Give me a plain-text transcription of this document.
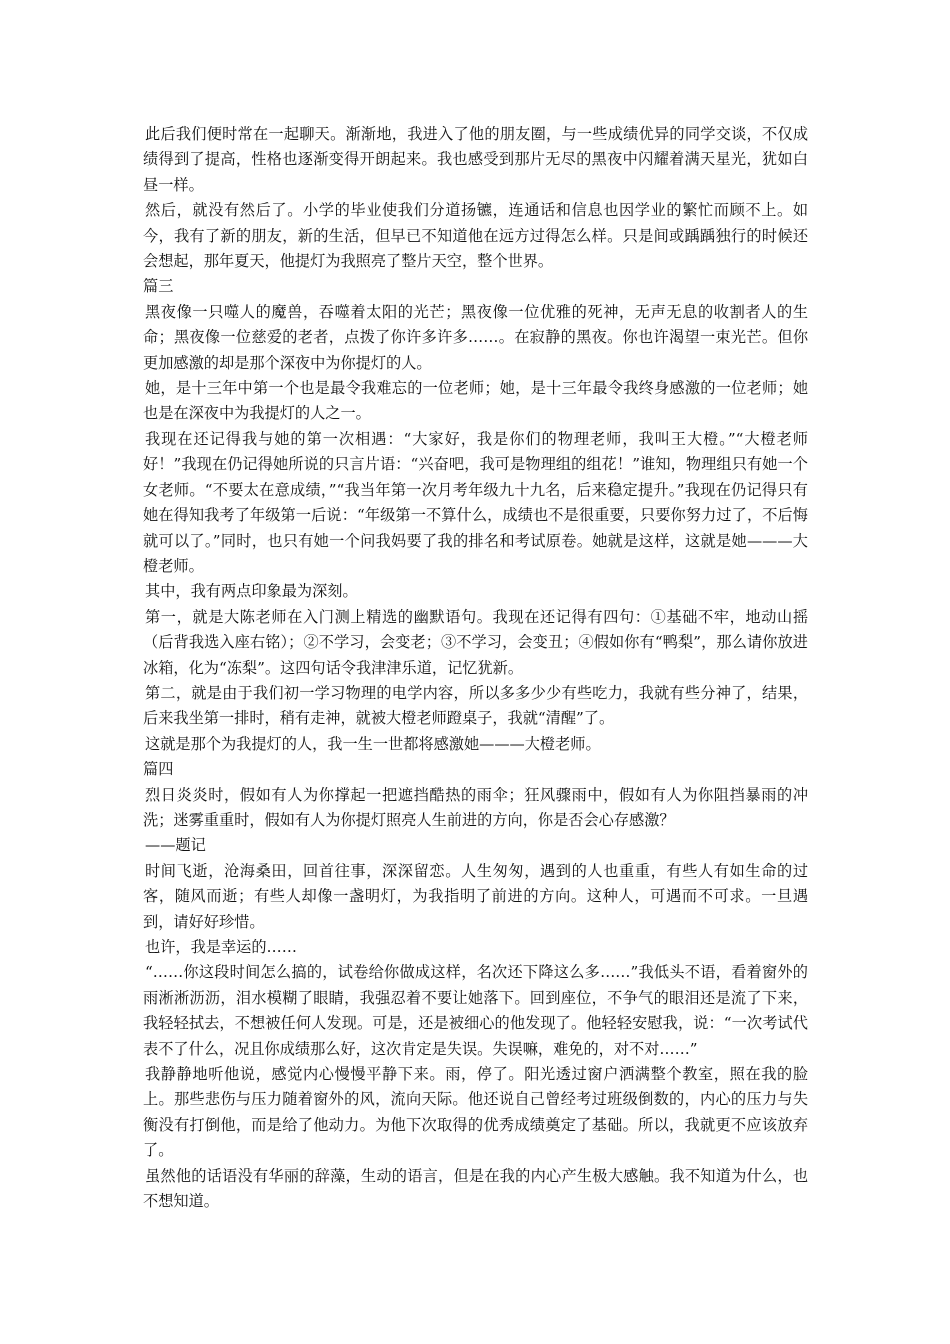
此后我们便时常在一起聊天。渐渐地，我进入了他的朋友圈，与一些成绩优异的同学交谈，不仅成绩得到了提高，性格也逐渐变得开朗起来。我也感受到那片无尽的黑夜中闪耀着满天星光，犹如白昼一样。

然后，就没有然后了。小学的毕业使我们分道扬镳，连通话和信息也因学业的繁忙而顾不上。如今，我有了新的朋友，新的生活，但早已不知道他在远方过得怎么样。只是间或踽踽独行的时候还会想起，那年夏天，他提灯为我照亮了整片天空，整个世界。

篇三

黑夜像一只噬人的魔兽，吞噬着太阳的光芒；黑夜像一位优雅的死神，无声无息的收割者人的生命；黑夜像一位慈爱的老者，点拨了你许多许多……。在寂静的黑夜。你也许渴望一束光芒。但你更加感激的却是那个深夜中为你提灯的人。

她，是十三年中第一个也是最令我难忘的一位老师；她，是十三年最令我终身感激的一位老师；她也是在深夜中为我提灯的人之一。

我现在还记得我与她的第一次相遇：“大家好，我是你们的物理老师，我叫王大橙。”“大橙老师好！”我现在仍记得她所说的只言片语：“兴奋吧，我可是物理组的组花！”谁知，物理组只有她一个女老师。“不要太在意成绩，”“我当年第一次月考年级九十九名，后来稳定提升。”我现在仍记得只有她在得知我考了年级第一后说：“年级第一不算什么，成绩也不是很重要，只要你努力过了，不后悔就可以了。”同时，也只有她一个问我妈要了我的排名和考试原卷。她就是这样，这就是她———大橙老师。

其中，我有两点印象最为深刻。

第一，就是大陈老师在入门测上精选的幽默语句。我现在还记得有四句：①基础不牢，地动山摇（后背我选入座右铭）；②不学习，会变老；③不学习，会变丑；④假如你有“鸭梨”，那么请你放进冰箱，化为“冻梨”。这四句话令我津津乐道，记忆犹新。

第二，就是由于我们初一学习物理的电学内容，所以多多少少有些吃力，我就有些分神了，结果，后来我坐第一排时，稍有走神，就被大橙老师蹬桌子，我就“清醒”了。

这就是那个为我提灯的人，我一生一世都将感激她———大橙老师。

篇四

烈日炎炎时，假如有人为你撑起一把遮挡酷热的雨伞；狂风骤雨中，假如有人为你阻挡暴雨的冲洗；迷雾重重时，假如有人为你提灯照亮人生前进的方向，你是否会心存感激？

——题记

时间飞逝，沧海桑田，回首往事，深深留恋。人生匆匆，遇到的人也重重，有些人有如生命的过客，随风而逝；有些人却像一盏明灯，为我指明了前进的方向。这种人，可遇而不可求。一旦遇到，请好好珍惜。

也许，我是幸运的……

“……你这段时间怎么搞的，试卷给你做成这样，名次还下降这么多……”我低头不语，看着窗外的雨淅淅沥沥，泪水模糊了眼睛，我强忍着不要让她落下。回到座位，不争气的眼泪还是流了下来，我轻轻拭去，不想被任何人发现。可是，还是被细心的他发现了。他轻轻安慰我，说：“一次考试代表不了什么，况且你成绩那么好，这次肯定是失误。失误嘛，难免的，对不对……”

我静静地听他说，感觉内心慢慢平静下来。雨，停了。阳光透过窗户洒满整个教室，照在我的脸上。那些悲伤与压力随着窗外的风，流向天际。他还说自己曾经考过班级倒数的，内心的压力与失衡没有打倒他，而是给了他动力。为他下次取得的优秀成绩奠定了基础。所以，我就更不应该放弃了。

虽然他的话语没有华丽的辞藻，生动的语言，但是在我的内心产生极大感触。我不知道为什么，也不想知道。
